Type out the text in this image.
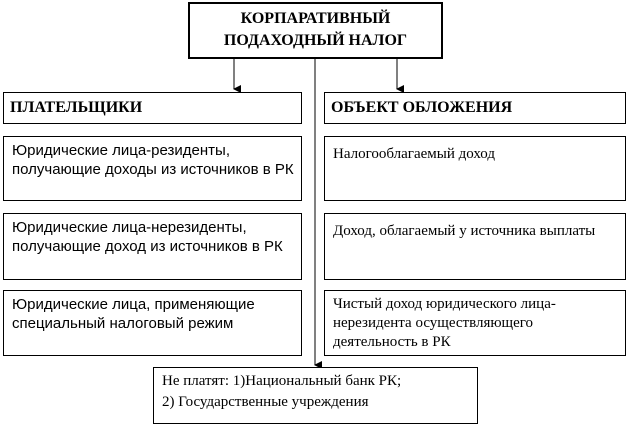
КОРПАРАТИВНЫЙ
ПОДАХОДНЫЙ НАЛОГ
ПЛАТЕЛЬЩИКИ	ОБЪЕКТ ОБЛОЖЕНИЯ
Юридические лица-резиденты, получающие доходы из источников в РК
Юридические лица-нерезиденты, получающие доход из источников в РК
Юридические лица, применяющие специальный налоговый режим
Налогооблагаемый доход
Доход, облагаемый у источника выплаты
Чистый доход юридического лица-нерезидента осуществляющего деятельность в РК
Не платят: 1)Национальный банк РК;
2) Государственные учреждения
